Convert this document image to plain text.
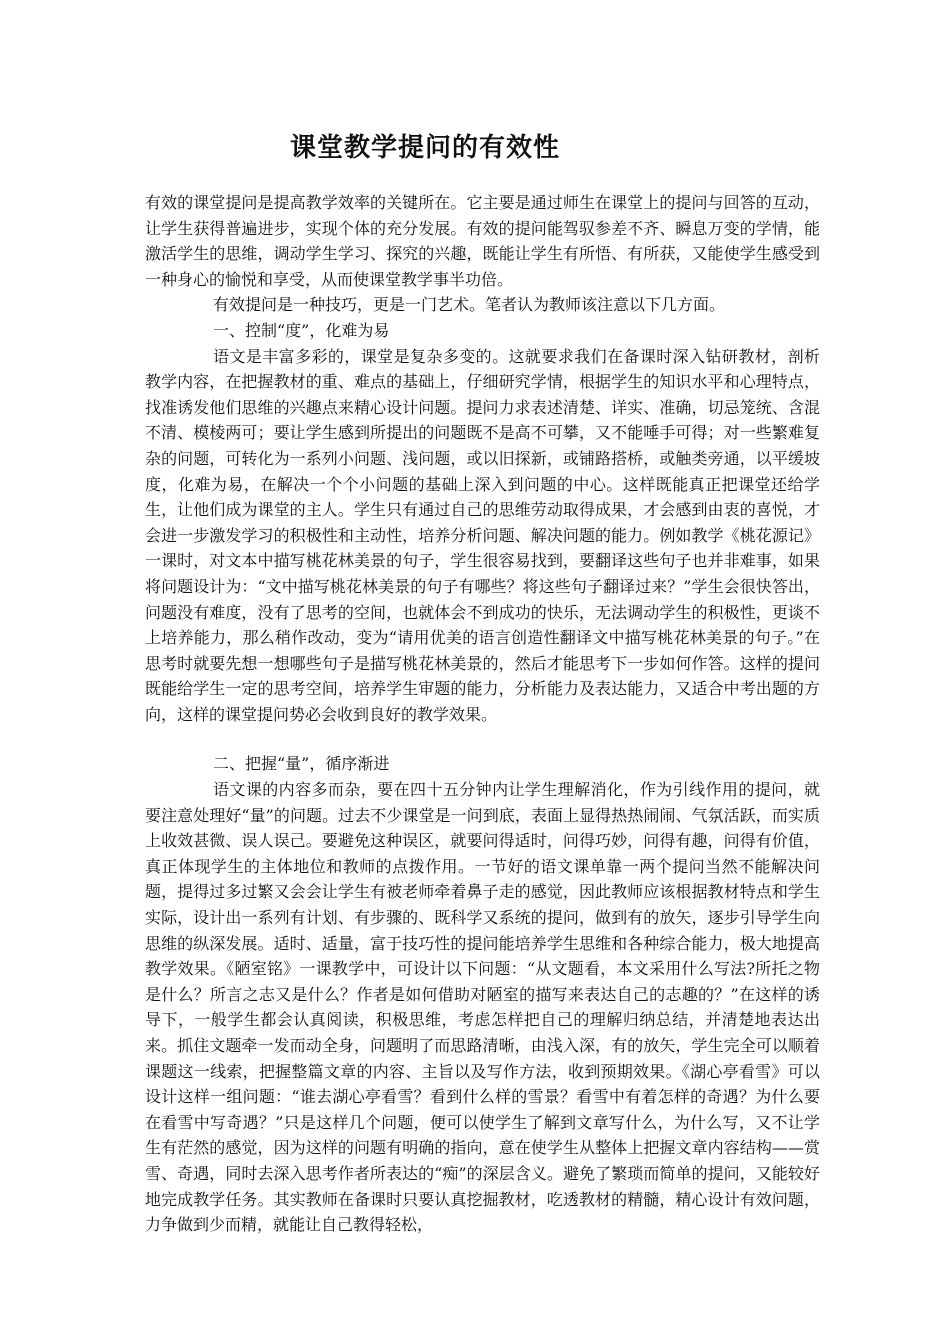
课堂教学提问的有效性

有效的课堂提问是提高教学效率的关键所在。它主要是通过师生在课堂上的提问与回答的互动，让学生获得普遍进步，实现个体的充分发展。有效的提问能驾驭参差不齐、瞬息万变的学情，能激活学生的思维，调动学生学习、探究的兴趣，既能让学生有所悟、有所获，又能使学生感受到一种身心的愉悦和享受，从而使课堂教学事半功倍。

有效提问是一种技巧，更是一门艺术。笔者认为教师该注意以下几方面。

一、控制“度”，化难为易

语文是丰富多彩的，课堂是复杂多变的。这就要求我们在备课时深入钻研教材，剖析教学内容，在把握教材的重、难点的基础上，仔细研究学情，根据学生的知识水平和心理特点，找准诱发他们思维的兴趣点来精心设计问题。提问力求表述清楚、详实、准确，切忌笼统、含混不清、模棱两可；要让学生感到所提出的问题既不是高不可攀，又不能唾手可得；对一些繁难复杂的问题，可转化为一系列小问题、浅问题，或以旧探新，或铺路搭桥，或触类旁通，以平缓坡度，化难为易，在解决一个个小问题的基础上深入到问题的中心。这样既能真正把课堂还给学生，让他们成为课堂的主人。学生只有通过自己的思维劳动取得成果，才会感到由衷的喜悦，才会进一步激发学习的积极性和主动性，培养分析问题、解决问题的能力。例如教学《桃花源记》一课时，对文本中描写桃花林美景的句子，学生很容易找到，要翻译这些句子也并非难事，如果将问题设计为：“文中描写桃花林美景的句子有哪些？将这些句子翻译过来？”学生会很快答出，问题没有难度，没有了思考的空间，也就体会不到成功的快乐，无法调动学生的积极性，更谈不上培养能力，那么稍作改动，变为“请用优美的语言创造性翻译文中描写桃花林美景的句子。”在思考时就要先想一想哪些句子是描写桃花林美景的，然后才能思考下一步如何作答。这样的提问既能给学生一定的思考空间，培养学生审题的能力，分析能力及表达能力，又适合中考出题的方向，这样的课堂提问势必会收到良好的教学效果。

二、把握“量”，循序渐进

语文课的内容多而杂，要在四十五分钟内让学生理解消化，作为引线作用的提问，就要注意处理好“量”的问题。过去不少课堂是一问到底，表面上显得热热闹闹、气氛活跃，而实质上收效甚微、误人误己。要避免这种误区，就要问得适时，问得巧妙，问得有趣，问得有价值，真正体现学生的主体地位和教师的点拨作用。一节好的语文课单靠一两个提问当然不能解决问题，提得过多过繁又会会让学生有被老师牵着鼻子走的感觉，因此教师应该根据教材特点和学生实际，设计出一系列有计划、有步骤的、既科学又系统的提问，做到有的放矢，逐步引导学生向思维的纵深发展。适时、适量，富于技巧性的提问能培养学生思维和各种综合能力，极大地提高教学效果。《陋室铭》一课教学中，可设计以下问题：“从文题看，本文采用什么写法?所托之物是什么？所言之志又是什么？作者是如何借助对陋室的描写来表达自己的志趣的？”在这样的诱导下，一般学生都会认真阅读，积极思维，考虑怎样把自己的理解归纳总结，并清楚地表达出来。抓住文题牵一发而动全身，问题明了而思路清晰，由浅入深，有的放矢，学生完全可以顺着课题这一线索，把握整篇文章的内容、主旨以及写作方法，收到预期效果。《湖心亭看雪》可以设计这样一组问题：“谁去湖心亭看雪？看到什么样的雪景？看雪中有着怎样的奇遇？为什么要在看雪中写奇遇？”只是这样几个问题，便可以使学生了解到文章写什么，为什么写，又不让学生有茫然的感觉，因为这样的问题有明确的指向，意在使学生从整体上把握文章内容结构——赏雪、奇遇，同时去深入思考作者所表达的“痴”的深层含义。避免了繁琐而简单的提问，又能较好地完成教学任务。其实教师在备课时只要认真挖掘教材，吃透教材的精髓，精心设计有效问题，力争做到少而精，就能让自己教得轻松，
